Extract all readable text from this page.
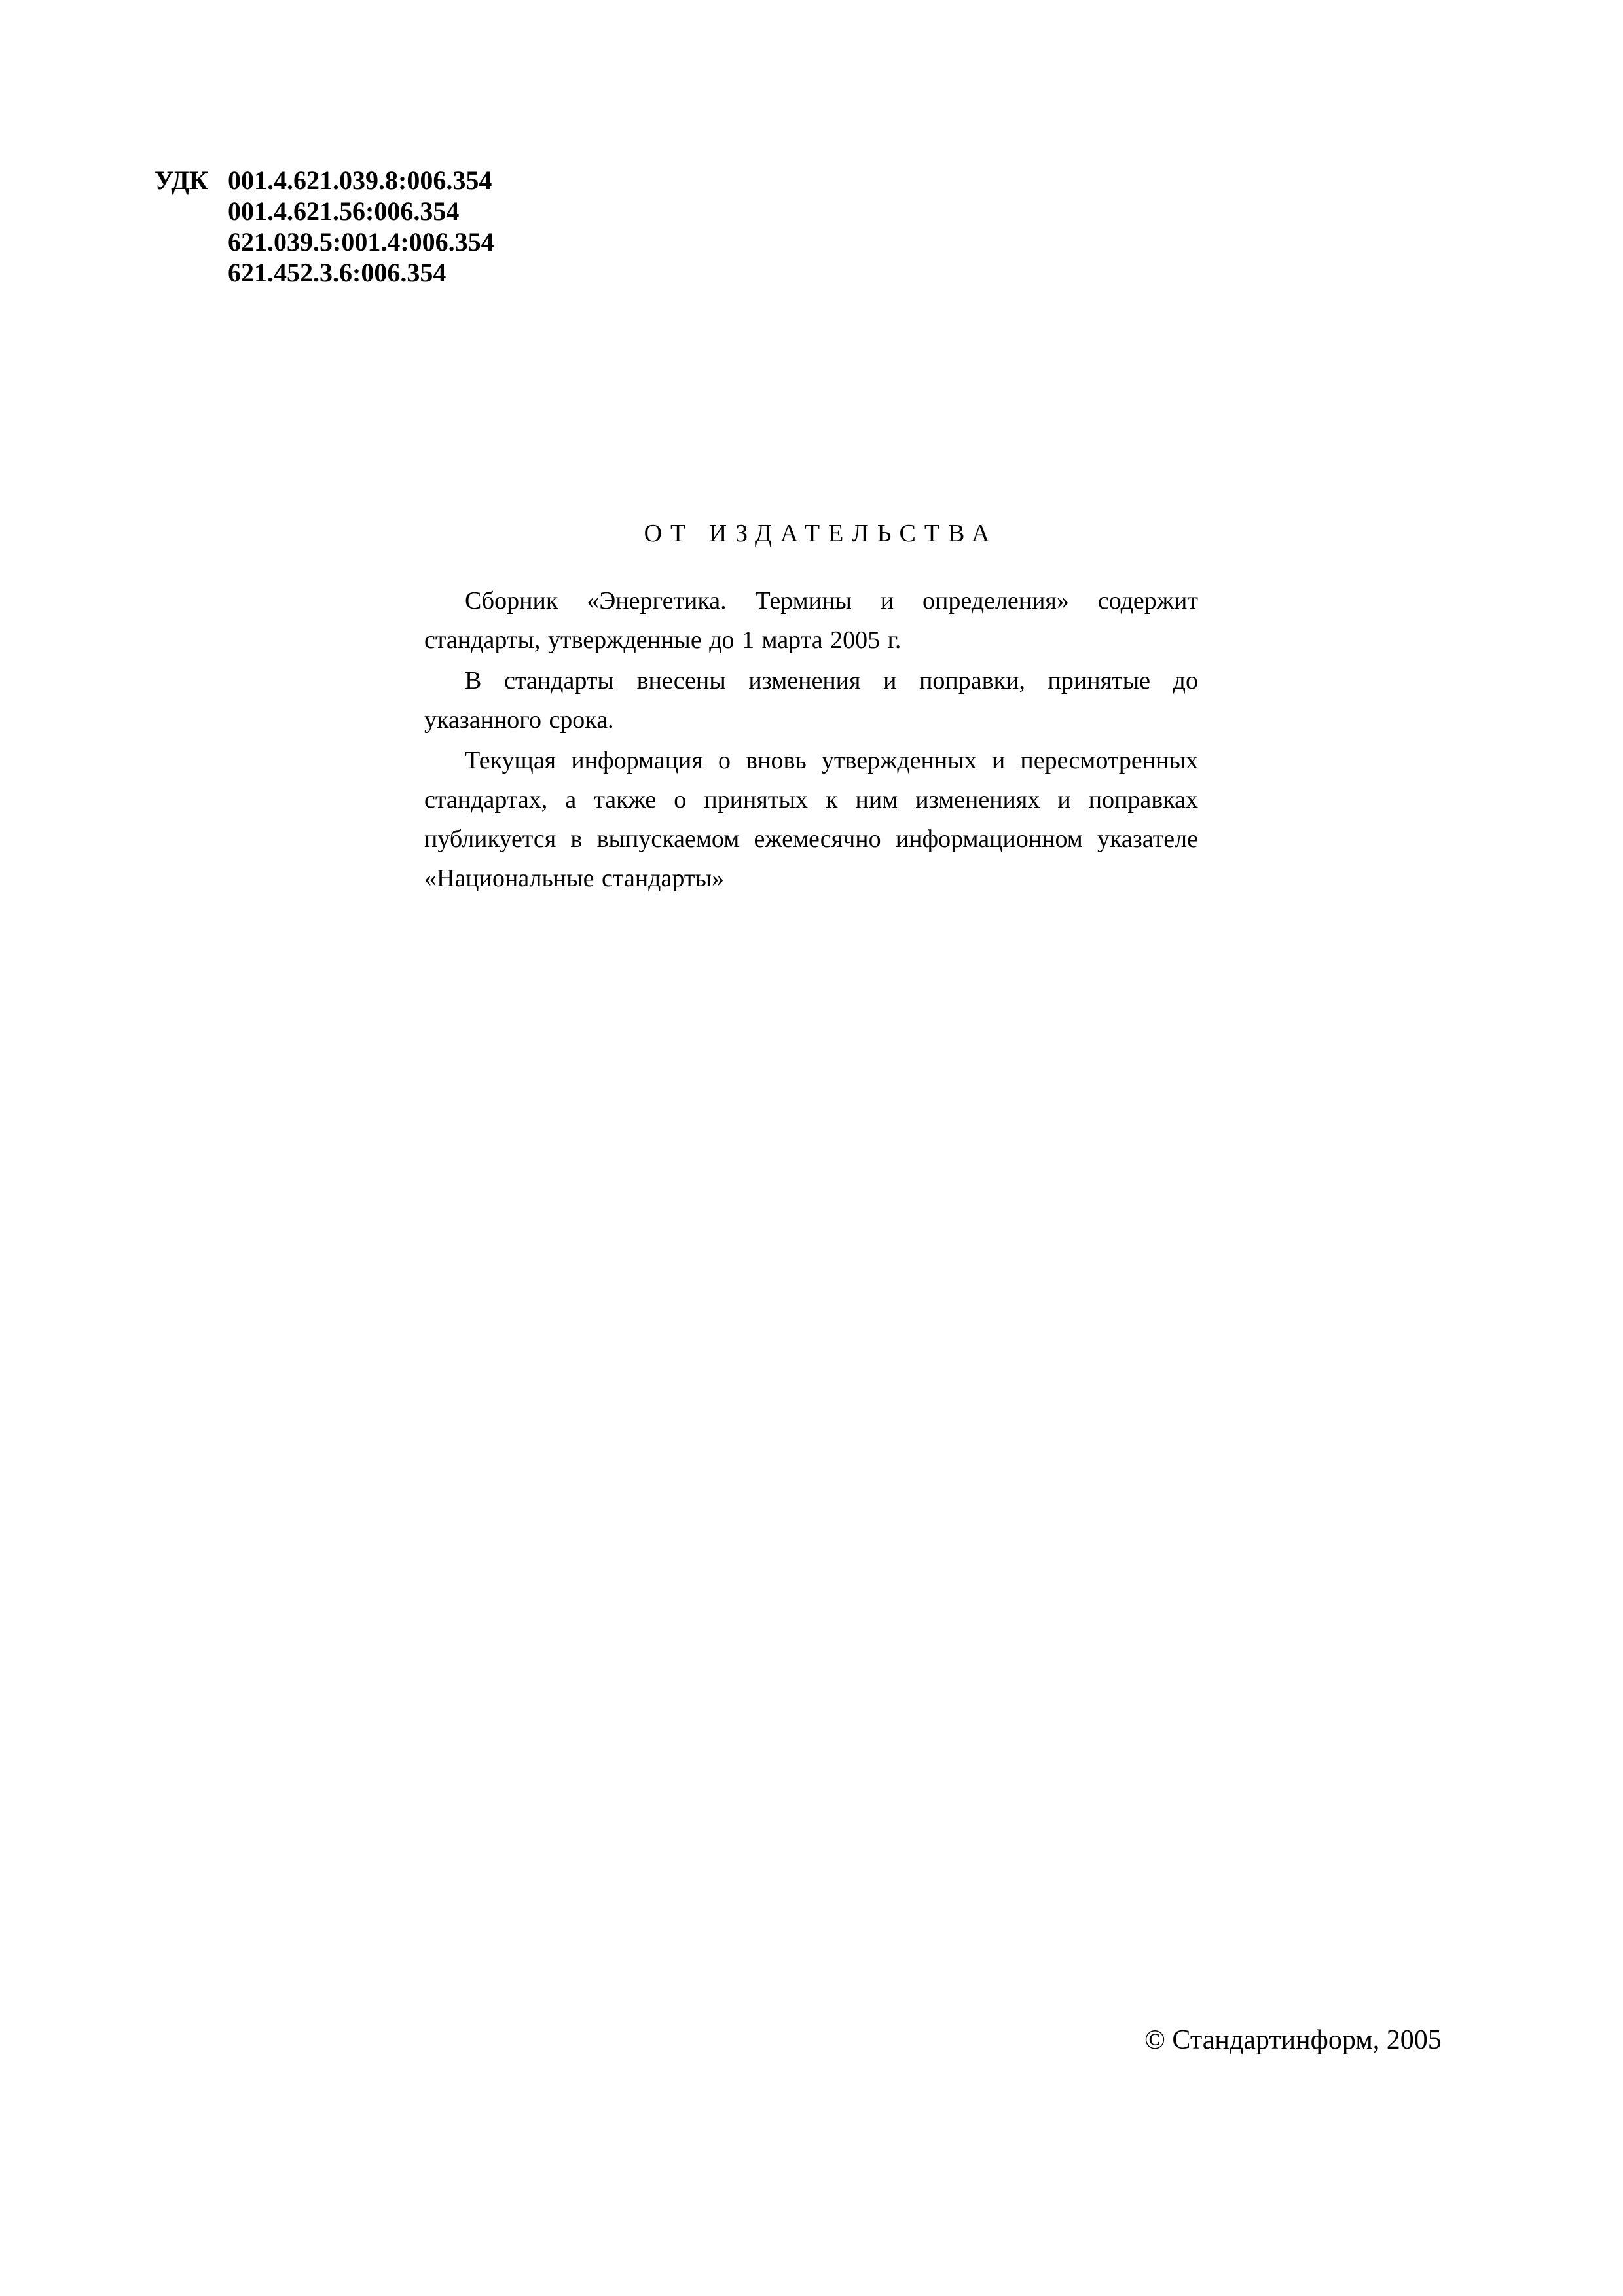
УДК 001.4.621.039.8:006.354
001.4.621.56:006.354
621.039.5:001.4:006.354
621.452.3.6:006.354
ОТ ИЗДАТЕЛЬСТВА

Сборник «Энергетика. Термины и определения» содержит стандарты, утвержденные до 1 марта 2005 г.

В стандарты внесены изменения и поправки, принятые до указанного срока.

Текущая информация о вновь утвержденных и пересмотренных стандартах, а также о принятых к ним изменениях и поправках публикуется в выпускаемом ежемесячно информационном указателе «Национальные стандарты»

© Стандартинформ, 2005
